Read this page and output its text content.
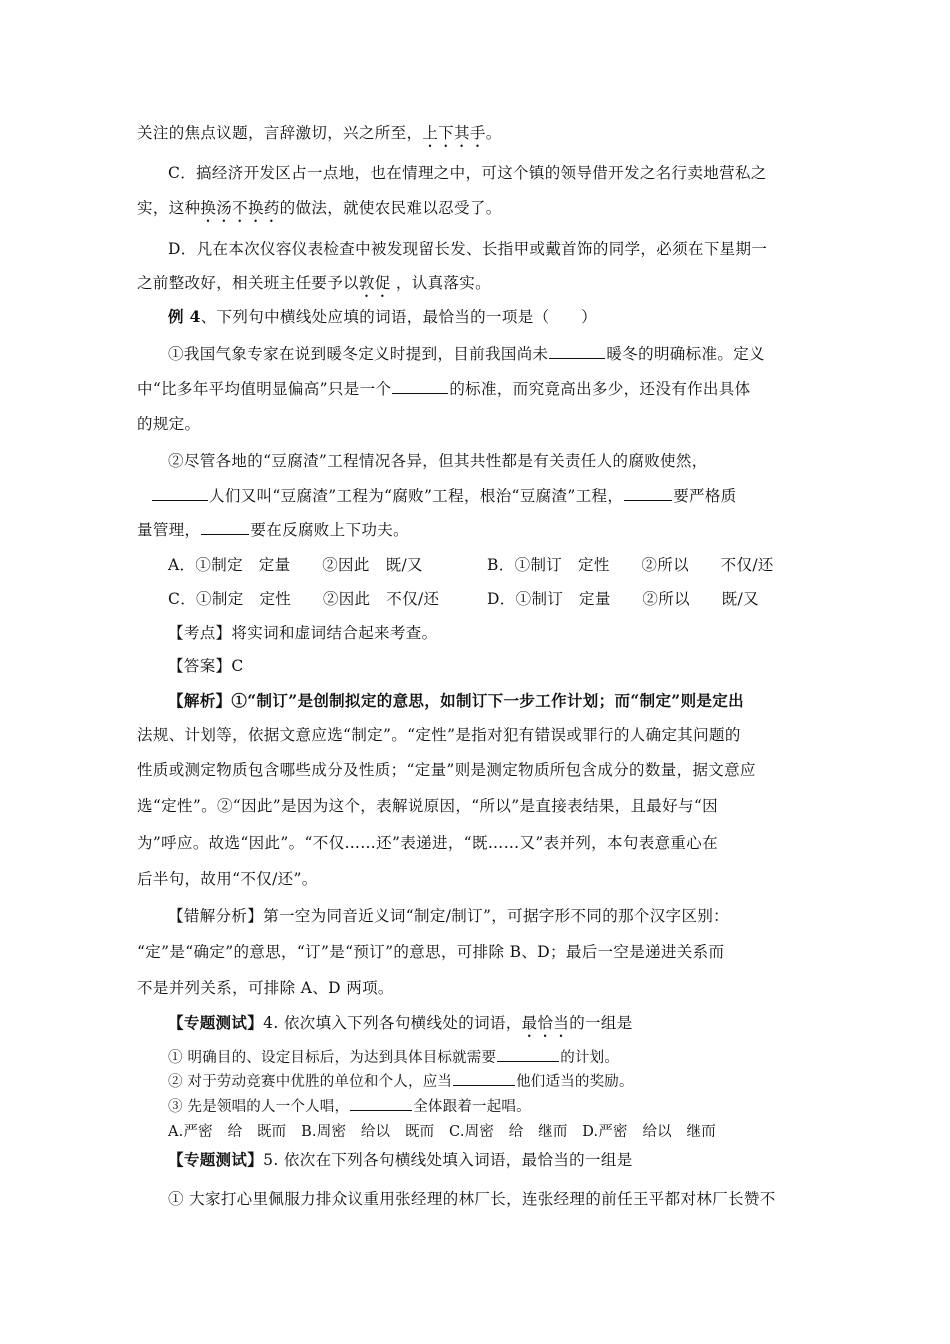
关注的焦点议题，言辞激切，兴之所至，上下其手。
C．搞经济开发区占一点地，也在情理之中，可这个镇的领导借开发之名行卖地营私之
实，这种换汤不换药的做法，就使农民难以忍受了。
D．凡在本次仪容仪表检查中被发现留长发、长指甲或戴首饰的同学，必须在下星期一
之前整改好，相关班主任要予以敦促 ，认真落实。
例 4、下列句中横线处应填的词语，最恰当的一项是（　　）
①我国气象专家在说到暖冬定义时提到，目前我国尚未	暖冬的明确标准。定义
中“比多年平均值明显偏高”只是一个	的标准，而究竟高出多少，还没有作出具体
的规定。
②尽管各地的“豆腐渣”工程情况各异，但其共性都是有关责任人的腐败使然，
人们又叫“豆腐渣”工程为“腐败”工程，根治“豆腐渣”工程，	要严格质
量管理，	要在反腐败上下功夫。
A．①制定　定量　　②因此　既/又	B．①制订　定性　　②所以　　不仅/还
C．①制定　定性　　②因此　不仅/还	D．①制订　定量　　②所以　　既/又
【考点】将实词和虚词结合起来考查。
【答案】C
【解析】①“制订”是创制拟定的意思，如制订下一步工作计划；而“制定”则是定出
法规、计划等，依据文意应选“制定”。“定性”是指对犯有错误或罪行的人确定其问题的
性质或测定物质包含哪些成分及性质；“定量”则是测定物质所包含成分的数量，据文意应
选“定性”。②“因此”是因为这个，表解说原因，“所以”是直接表结果，且最好与“因
为”呼应。故选“因此”。“不仅……还”表递进，“既……又”表并列，本句表意重心在
后半句，故用“不仅/还”。
【错解分析】第一空为同音近义词“制定/制订”，可据字形不同的那个汉字区别：
“定”是“确定”的意思，“订”是“预订”的意思，可排除 B、D；最后一空是递进关系而
不是并列关系，可排除 A、D 两项。
【专题测试】4. 依次填入下列各句横线处的词语，最恰当的一组是
① 明确目的、设定目标后，为达到具体目标就需要	的计划。
② 对于劳动竞赛中优胜的单位和个人，应当	他们适当的奖励。
③ 先是领唱的人一个人唱，	全体跟着一起唱。
A.严密　给　既而　B.周密　给以　既而　C.周密　给　继而　D.严密　给以　继而
【专题测试】5. 依次在下列各句横线处填入词语，最恰当的一组是
① 大家打心里佩服力排众议重用张经理的林厂长，连张经理的前任王平都对林厂长赞不
